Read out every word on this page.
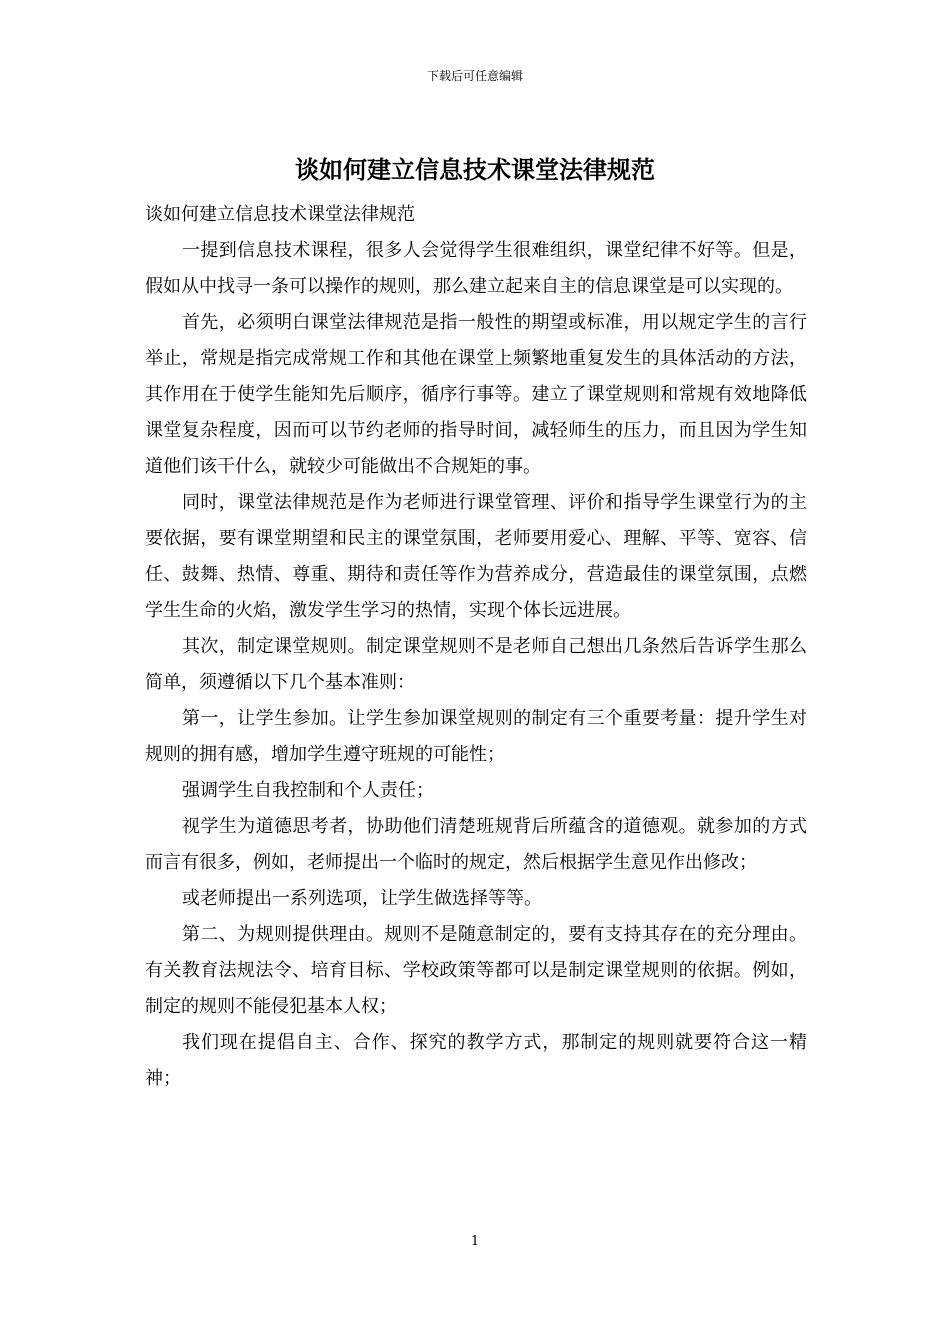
下载后可任意编辑
谈如何建立信息技术课堂法律规范

谈如何建立信息技术课堂法律规范

一提到信息技术课程，很多人会觉得学生很难组织，课堂纪律不好等。但是，假如从中找寻一条可以操作的规则，那么建立起来自主的信息课堂是可以实现的。

首先，必须明白课堂法律规范是指一般性的期望或标准，用以规定学生的言行举止，常规是指完成常规工作和其他在课堂上频繁地重复发生的具体活动的方法，其作用在于使学生能知先后顺序，循序行事等。建立了课堂规则和常规有效地降低课堂复杂程度，因而可以节约老师的指导时间，减轻师生的压力，而且因为学生知道他们该干什么，就较少可能做出不合规矩的事。

同时，课堂法律规范是作为老师进行课堂管理、评价和指导学生课堂行为的主要依据，要有课堂期望和民主的课堂氛围，老师要用爱心、理解、平等、宽容、信任、鼓舞、热情、尊重、期待和责任等作为营养成分，营造最佳的课堂氛围，点燃学生生命的火焰，激发学生学习的热情，实现个体长远进展。

其次，制定课堂规则。制定课堂规则不是老师自己想出几条然后告诉学生那么简单，须遵循以下几个基本准则：

第一，让学生参加。让学生参加课堂规则的制定有三个重要考量：提升学生对规则的拥有感，增加学生遵守班规的可能性；

强调学生自我控制和个人责任；

视学生为道德思考者，协助他们清楚班规背后所蕴含的道德观。就参加的方式而言有很多，例如，老师提出一个临时的规定，然后根据学生意见作出修改；

或老师提出一系列选项，让学生做选择等等。

第二、为规则提供理由。规则不是随意制定的，要有支持其存在的充分理由。有关教育法规法令、培育目标、学校政策等都可以是制定课堂规则的依据。例如，制定的规则不能侵犯基本人权；

我们现在提倡自主、合作、探究的教学方式，那制定的规则就要符合这一精神；

1
